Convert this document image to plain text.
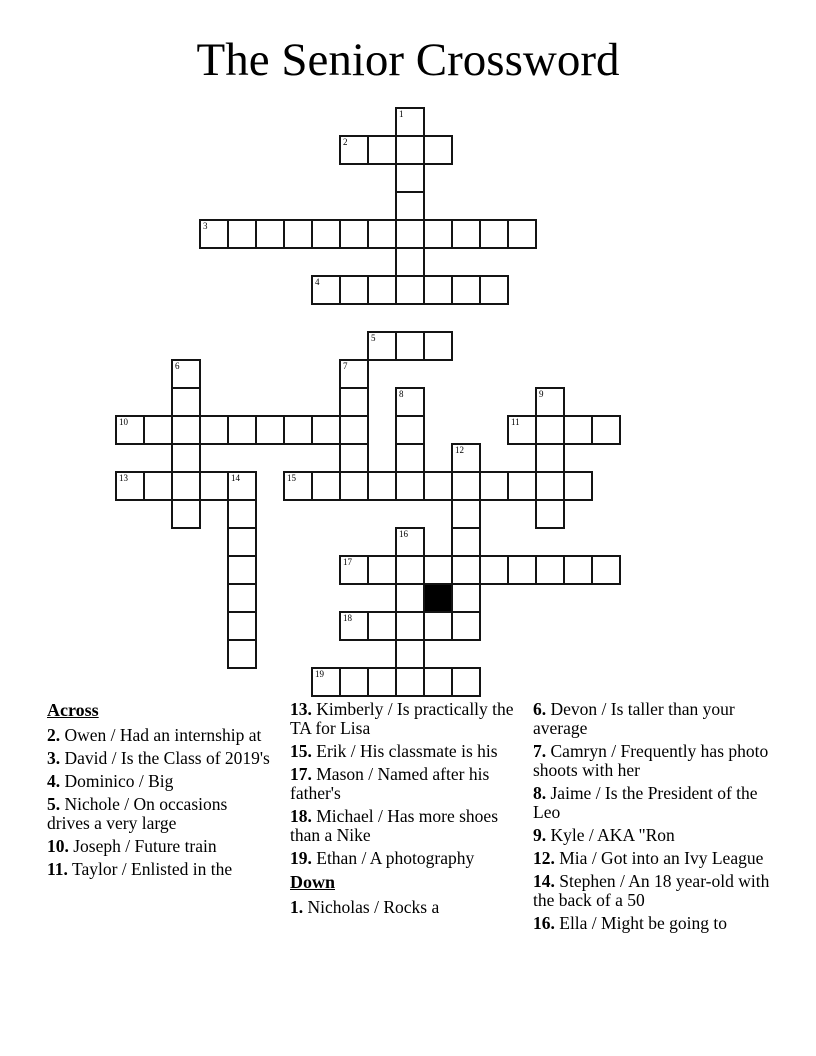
The Senior Crossword
1
2
3
4
5
6	7
8	9
10	11
12
13	14	15
16
17
18
19

Across

2. Owen / Had an internship at

3. David / Is the Class of 2019's

4. Dominico / Big

5. Nichole / On occasions drives a very large

10. Joseph / Future train

11. Taylor / Enlisted in the

13. Kimberly / Is practically the TA for Lisa

15. Erik / His classmate is his

17. Mason / Named after his father's

18. Michael / Has more shoes than a Nike

19. Ethan / A photography

Down

1. Nicholas / Rocks a

6. Devon / Is taller than your average

7. Camryn / Frequently has photo shoots with her

8. Jaime / Is the President of the Leo

9. Kyle / AKA "Ron

12. Mia / Got into an Ivy League

14. Stephen / An 18 year-old with the back of a 50

16. Ella / Might be going to
